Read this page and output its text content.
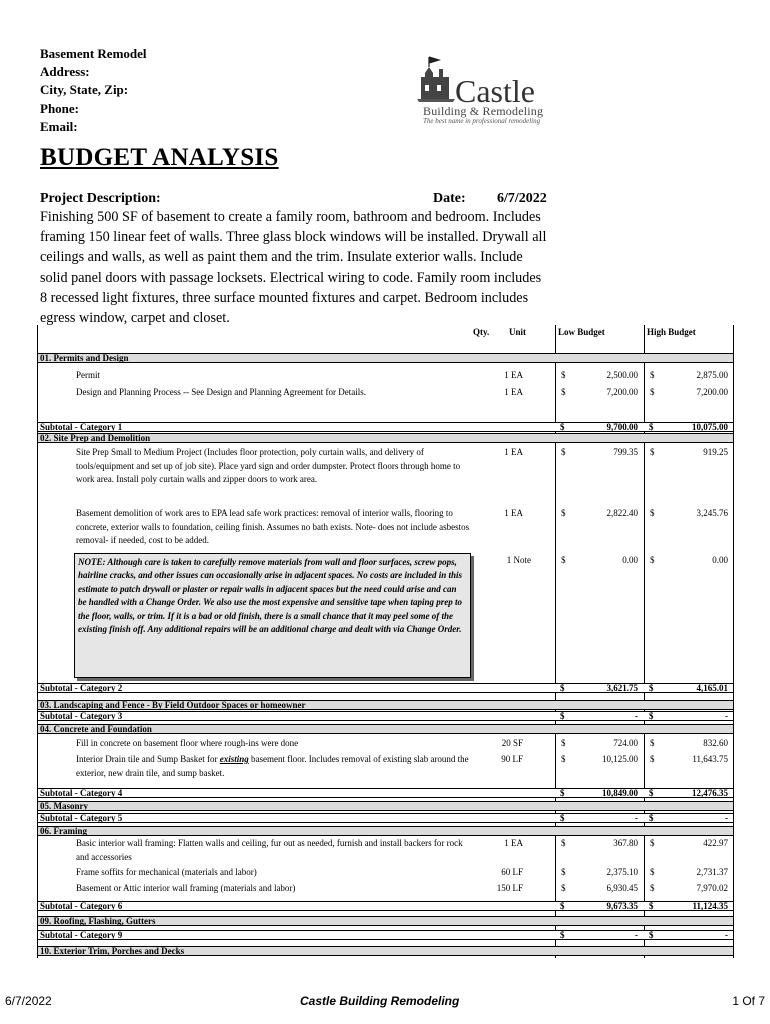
Basement Remodel
Address:
City, State, Zip:
Phone:
Email:
Castle
Building & Remodeling
The best name in professional remodeling
BUDGET ANALYSIS
Project Description:	Date: 6/7/2022
Finishing 500 SF of basement to create a family room, bathroom and bedroom. Includes framing 150 linear feet of walls. Three glass block windows will be installed. Drywall all ceilings and walls, as well as paint them and the trim. Insulate exterior walls. Include solid panel doors with passage locksets. Electrical wiring to code. Family room includes 8 recessed light fixtures, three surface mounted fixtures and carpet. Bedroom includes egress window, carpet and closet.
Qty. Unit	Low Budget	High Budget
01. Permits and Design
Permit	1 EA	$	2,500.00 $	2,875.00
Design and Planning Process -- See Design and Planning Agreement for Details.	1 EA	$	7,200.00 $	7,200.00
Subtotal - Category 1	$	9,700.00 $	10,075.00
02. Site Prep and Demolition
Site Prep Small to Medium Project (Includes floor protection, poly curtain walls, and delivery of tools/equipment and set up of job site). Place yard sign and order dumpster. Protect floors through home to work area. Install poly curtain walls and zipper doors to work area.
1 EA	$	799.35 $	919.25
Basement demolition of work ares to EPA lead safe work practices: removal of interior walls, flooring to concrete, exterior walls to foundation, ceiling finish. Assumes no bath exists. Note- does not include asbestos removal- if needed, cost to be added.
1 EA	$	2,822.40 $	3,245.76
NOTE: Although care is taken to carefully remove materials from wall and floor surfaces, screw pops, hairline cracks, and other issues can occasionally arise in adjacent spaces. No costs are included in this estimate to patch drywall or plaster or repair walls in adjacent spaces but the need could arise and can be handled with a Change Order. We also use the most expensive and sensitive tape when taping prep to the floor, walls, or trim. If it is a bad or old finish, there is a small chance that it may peel some of the existing finish off. Any additional repairs will be an additional charge and dealt with via Change Order.
1 Note	$	0.00 $	0.00
Subtotal - Category 2	$	3,621.75 $	4,165.01
03. Landscaping and Fence - By Field Outdoor Spaces or homeowner
Subtotal - Category 3	$	- $	-
04. Concrete and Foundation
Fill in concrete on basement floor where rough-ins were done	20 SF	$	724.00 $	832.60
Interior Drain tile and Sump Basket for existing basement floor. Includes removal of existing slab around the exterior, new drain tile, and sump basket.
90 LF	$	10,125.00 $	11,643.75
Subtotal - Category 4	$	10,849.00 $	12,476.35
05. Masonry
Subtotal - Category 5	$	- $	-
06. Framing
Basic interior wall framing: Flatten walls and ceiling, fur out as needed, furnish and install backers for rock and accessories
1 EA	$	367.80 $	422.97
Frame soffits for mechanical (materials and labor)	60 LF	$	2,375.10 $	2,731.37
Basement or Attic interior wall framing (materials and labor)	150 LF	$	6,930.45 $	7,970.02
Subtotal - Category 6	$	9,673.35 $	11,124.35
09. Roofing, Flashing, Gutters
Subtotal - Category 9	$	- $	-
10. Exterior Trim, Porches and Decks
6/7/2022	Castle Building Remodeling	1 Of 7
